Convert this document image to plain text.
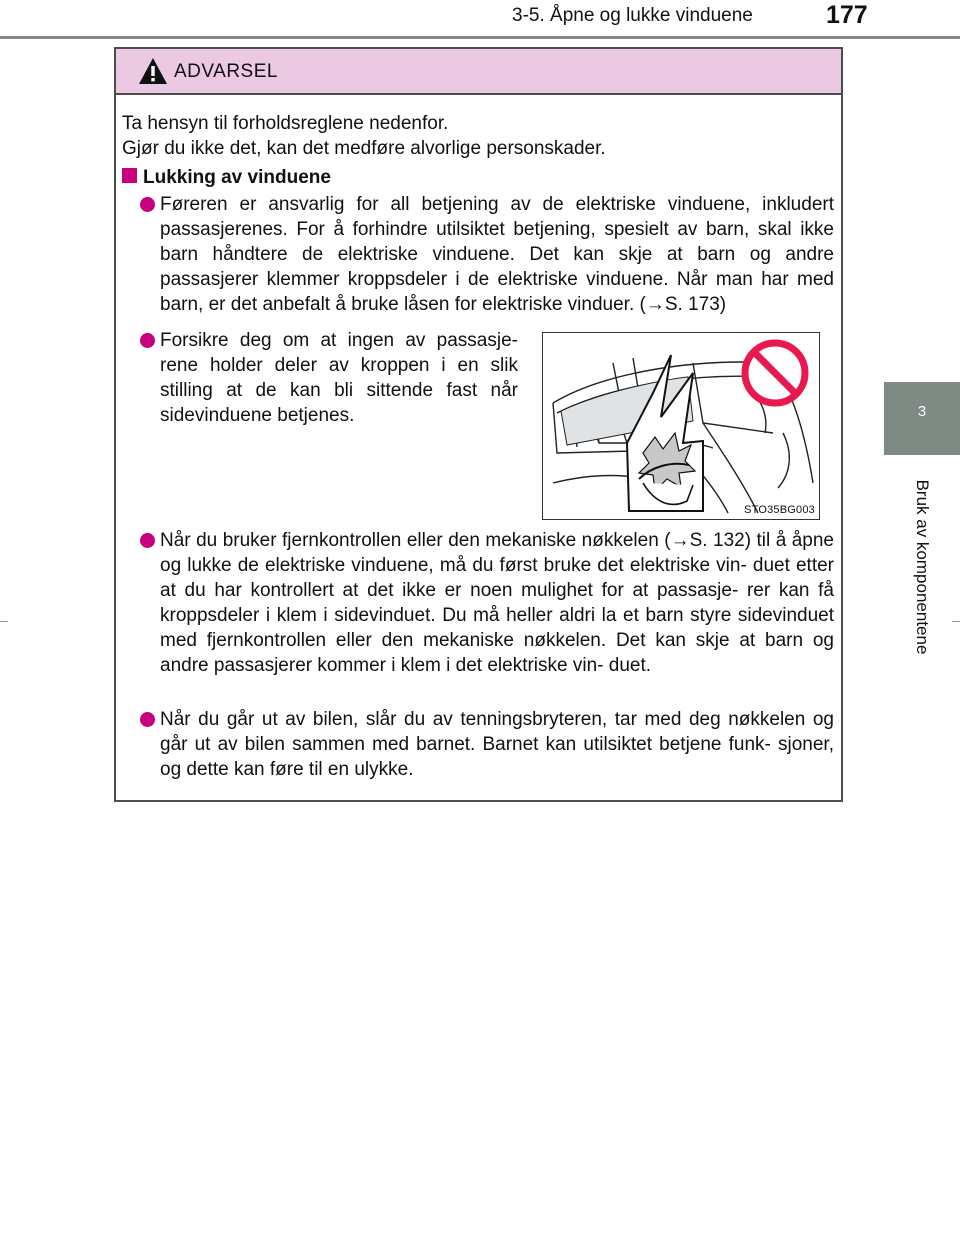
3-5. Åpne og lukke vinduene	177
3
Bruk av komponentene
ADVARSEL
Ta hensyn til forholdsreglene nedenfor.
Gjør du ikke det, kan det medføre alvorlige personskader.
Lukking av vinduene
Føreren er ansvarlig for all betjening av de elektriske vinduene, inkludert passasjerenes. For å forhindre utilsiktet betjening, spesielt av barn, skal ikke barn håndtere de elektriske vinduene. Det kan skje at barn og andre passasjerer klemmer kroppsdeler i de elektriske vinduene. Når man har med barn, er det anbefalt å bruke låsen for elektriske vinduer. (→S. 173)
Forsikre deg om at ingen av passasje- rene holder deler av kroppen i en slik stilling at de kan bli sittende fast når sidevinduene betjenes.
STO35BG003
Når du bruker fjernkontrollen eller den mekaniske nøkkelen (→S. 132) til å åpne og lukke de elektriske vinduene, må du først bruke det elektriske vin- duet etter at du har kontrollert at det ikke er noen mulighet for at passasje- rer kan få kroppsdeler i klem i sidevinduet. Du må heller aldri la et barn styre sidevinduet med fjernkontrollen eller den mekaniske nøkkelen. Det kan skje at barn og andre passasjerer kommer i klem i det elektriske vin- duet.
Når du går ut av bilen, slår du av tenningsbryteren, tar med deg nøkkelen og går ut av bilen sammen med barnet. Barnet kan utilsiktet betjene funk- sjoner, og dette kan føre til en ulykke.
